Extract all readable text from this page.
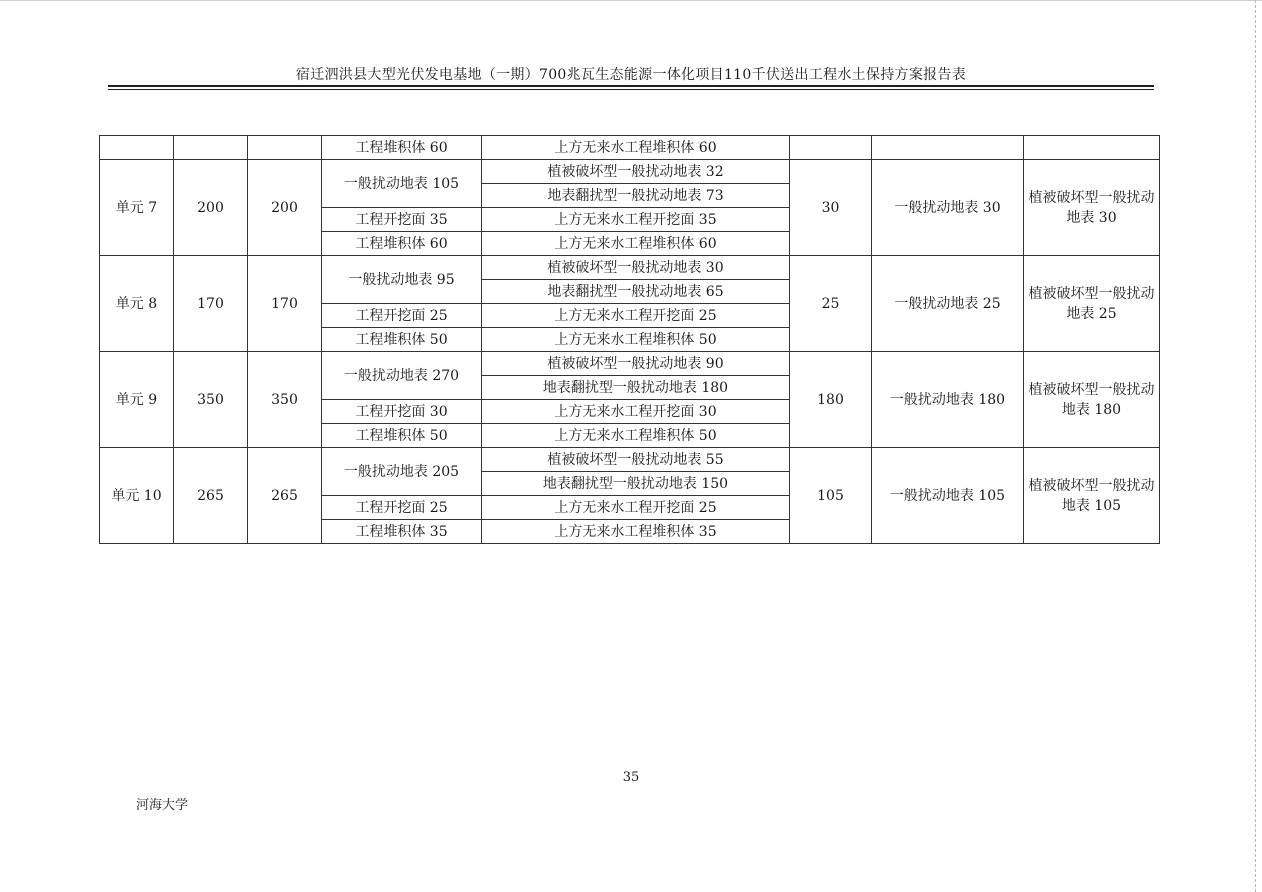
宿迁泗洪县大型光伏发电基地（一期）700兆瓦生态能源一体化项目110千伏送出工程水土保持方案报告表
			工程堆积体 60	上方无来水工程堆积体 60			
单元 7	200	200	一般扰动地表 105	植被破坏型一般扰动地表 32	30	一般扰动地表 30	植被破坏型一般扰动地表 30
				地表翻扰型一般扰动地表 73			
			工程开挖面 35	上方无来水工程开挖面 35			
			工程堆积体 60	上方无来水工程堆积体 60			
单元 8	170	170	一般扰动地表 95	植被破坏型一般扰动地表 30	25	一般扰动地表 25	植被破坏型一般扰动地表 25
				地表翻扰型一般扰动地表 65			
			工程开挖面 25	上方无来水工程开挖面 25			
			工程堆积体 50	上方无来水工程堆积体 50			
单元 9	350	350	一般扰动地表 270	植被破坏型一般扰动地表 90	180	一般扰动地表 180	植被破坏型一般扰动地表 180
				地表翻扰型一般扰动地表 180			
			工程开挖面 30	上方无来水工程开挖面 30			
			工程堆积体 50	上方无来水工程堆积体 50			
单元 10	265	265	一般扰动地表 205	植被破坏型一般扰动地表 55	105	一般扰动地表 105	植被破坏型一般扰动地表 105
				地表翻扰型一般扰动地表 150			
			工程开挖面 25	上方无来水工程开挖面 25			
			工程堆积体 35	上方无来水工程堆积体 35			
35
河海大学
